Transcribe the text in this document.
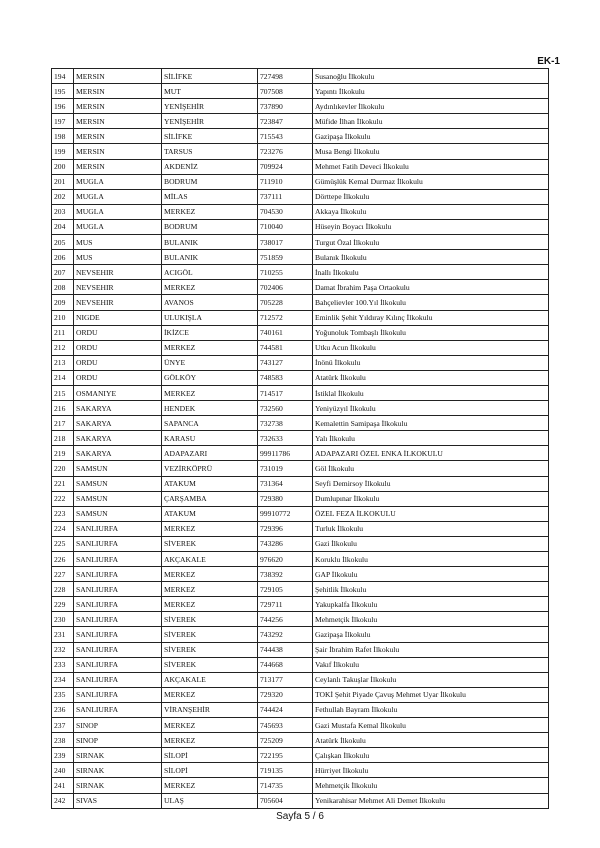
EK-1
194	MERSIN	SİLİFKE	727498	Susanoğlu İlkokulu
195	MERSIN	MUT	707508	Yapıntı İlkokulu
196	MERSIN	YENİŞEHİR	737890	Aydınlıkevler İlkokulu
197	MERSIN	YENİŞEHİR	723847	Müfide İlhan İlkokulu
198	MERSIN	SİLİFKE	715543	Gazipaşa İlkokulu
199	MERSIN	TARSUS	723276	Musa Bengi İlkokulu
200	MERSIN	AKDENİZ	709924	Mehmet Fatih Deveci İlkokulu
201	MUGLA	BODRUM	711910	Gümüşlük Kemal Durmaz İlkokulu
202	MUGLA	MİLAS	737111	Dörttepe İlkokulu
203	MUGLA	MERKEZ	704530	Akkaya İlkokulu
204	MUGLA	BODRUM	710040	Hüseyin Boyacı İlkokulu
205	MUS	BULANIK	738017	Turgut Özal İlkokulu
206	MUS	BULANIK	751859	Bulanık İlkokulu
207	NEVSEHIR	ACIGÖL	710255	İnallı İlkokulu
208	NEVSEHIR	MERKEZ	702406	Damat İbrahim Paşa Ortaokulu
209	NEVSEHIR	AVANOS	705228	Bahçelievler 100.Yıl İlkokulu
210	NIGDE	ULUKIŞLA	712572	Eminlik Şehit Yıldıray Kılınç İlkokulu
211	ORDU	İKİZCE	740161	Yoğunoluk Tombaşlı İlkokulu
212	ORDU	MERKEZ	744581	Utku Acun İlkokulu
213	ORDU	ÜNYE	743127	İnönü İlkokulu
214	ORDU	GÖLKÖY	748583	Atatürk İlkokulu
215	OSMANIYE	MERKEZ	714517	İstiklal İlkokulu
216	SAKARYA	HENDEK	732560	Yeniyüzyıl İlkokulu
217	SAKARYA	SAPANCA	732738	Kemalettin Samipaşa İlkokulu
218	SAKARYA	KARASU	732633	Yalı İlkokulu
219	SAKARYA	ADAPAZARI	99911786	ADAPAZARI ÖZEL ENKA İLKOKULU
220	SAMSUN	VEZİRKÖPRÜ	731019	Göl İlkokulu
221	SAMSUN	ATAKUM	731364	Seyfi Demirsoy İlkokulu
222	SAMSUN	ÇARŞAMBA	729380	Dumlupınar İlkokulu
223	SAMSUN	ATAKUM	99910772	ÖZEL FEZA İLKOKULU
224	SANLIURFA	MERKEZ	729396	Turluk İlkokulu
225	SANLIURFA	SİVEREK	743286	Gazi İlkokulu
226	SANLIURFA	AKÇAKALE	976620	Koruklu İlkokulu
227	SANLIURFA	MERKEZ	738392	GAP İlkokulu
228	SANLIURFA	MERKEZ	729105	Şehitlik İlkokulu
229	SANLIURFA	MERKEZ	729711	Yakupkalfa İlkokulu
230	SANLIURFA	SİVEREK	744256	Mehmetçik İlkokulu
231	SANLIURFA	SİVEREK	743292	Gazipaşa İlkokulu
232	SANLIURFA	SİVEREK	744438	Şair İbrahim Rafet İlkokulu
233	SANLIURFA	SİVEREK	744668	Vakıf İlkokulu
234	SANLIURFA	AKÇAKALE	713177	Ceylanlı Takuşlar İlkokulu
235	SANLIURFA	MERKEZ	729320	TOKİ Şehit Piyade Çavuş Mehmet Uyar İlkokulu
236	SANLIURFA	VİRANŞEHİR	744424	Fethullah Bayram İlkokulu
237	SINOP	MERKEZ	745693	Gazi Mustafa Kemal İlkokulu
238	SINOP	MERKEZ	725209	Atatürk İlkokulu
239	SIRNAK	SİLOPİ	722195	Çalışkan İlkokulu
240	SIRNAK	SİLOPİ	719135	Hürriyet İlkokulu
241	SIRNAK	MERKEZ	714735	Mehmetçik İlkokulu
242	SIVAS	ULAŞ	705604	Yenikarahisar Mehmet Ali Demet İlkokulu
Sayfa 5 / 6
